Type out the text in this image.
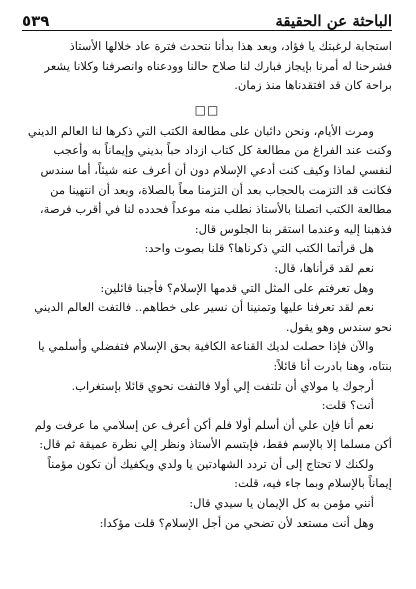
٥٣٩	الباحثة عن الحقيقة

استجابة لرغبتك يا فؤاد، وبعد هذا بدأنا نتحدث فترة عاد خلالها الأستاذ

فشرحنا له أمرنا بإيجاز فبارك لنا صلاح حالنا وودعناه وانصرفنا وكلانا يشعر

براحة كان قد افتقدناها منذ زمان.

□□

ومرت الأيام، ونحن دائبان على مطالعة الكتب التي ذكرها لنا العالم الديني

وكنت عند الفراغ من مطالعة كل كتاب ازداد حباً بديني وإيماناً به وأعجب

لنفسي لماذا وكيف كنت أدعي الإسلام دون أن أعرف عنه شيئاً، أما سندس

فكانت قد التزمت بالحجاب بعد أن التزمنا معاً بالصلاة، وبعد أن انتهينا من

مطالعة الكتب اتصلنا بالأستاذ نطلب منه موعداً فحدده لنا في أقرب فرصة،

فذهبنا إليه وعندما استقر بنا الجلوس قال:

هل قرأتما الكتب التي ذكرناها؟ قلنا بصوت واحد:

نعم لقد قرأناها، قال:

وهل تعرفتم على المثل التي قدمها الإسلام؟ فأجبنا قائلين:

نعم لقد تعرفنا عليها وتمنينا أن نسير على خطاهم.. فالتفت العالم الديني

نحو سندس وهو يقول.

والآن فإذا حصلت لديك القناعة الكافية بحق الإسلام فتفضلي وأسلمي يا

بنتاه، وهنا بادرت أنا قائلاً:

أرجوك يا مولاي أن تلتفت إلي أولا فالتفت نحوي قائلا بإستغراب.

أنت؟ قلت:

نعم أنا فإن علي أن أسلم أولا فلم أكن أعرف عن إسلامي ما عرفت ولم

أكن مسلما إلا بالإسم فقط، فإبتسم الأستاذ ونظر إلي نظرة عميقة ثم قال:

ولكنك لا تحتاج إلى أن تردد الشهادتين يا ولدي ويكفيك أن تكون مؤمناً

إيماناً بالإسلام وبما جاء فيه، قلت:

أنني مؤمن به كل الإيمان يا سيدي قال:

وهل أنت مستعد لأن تضحي من أجل الإسلام؟ قلت مؤكدا:
